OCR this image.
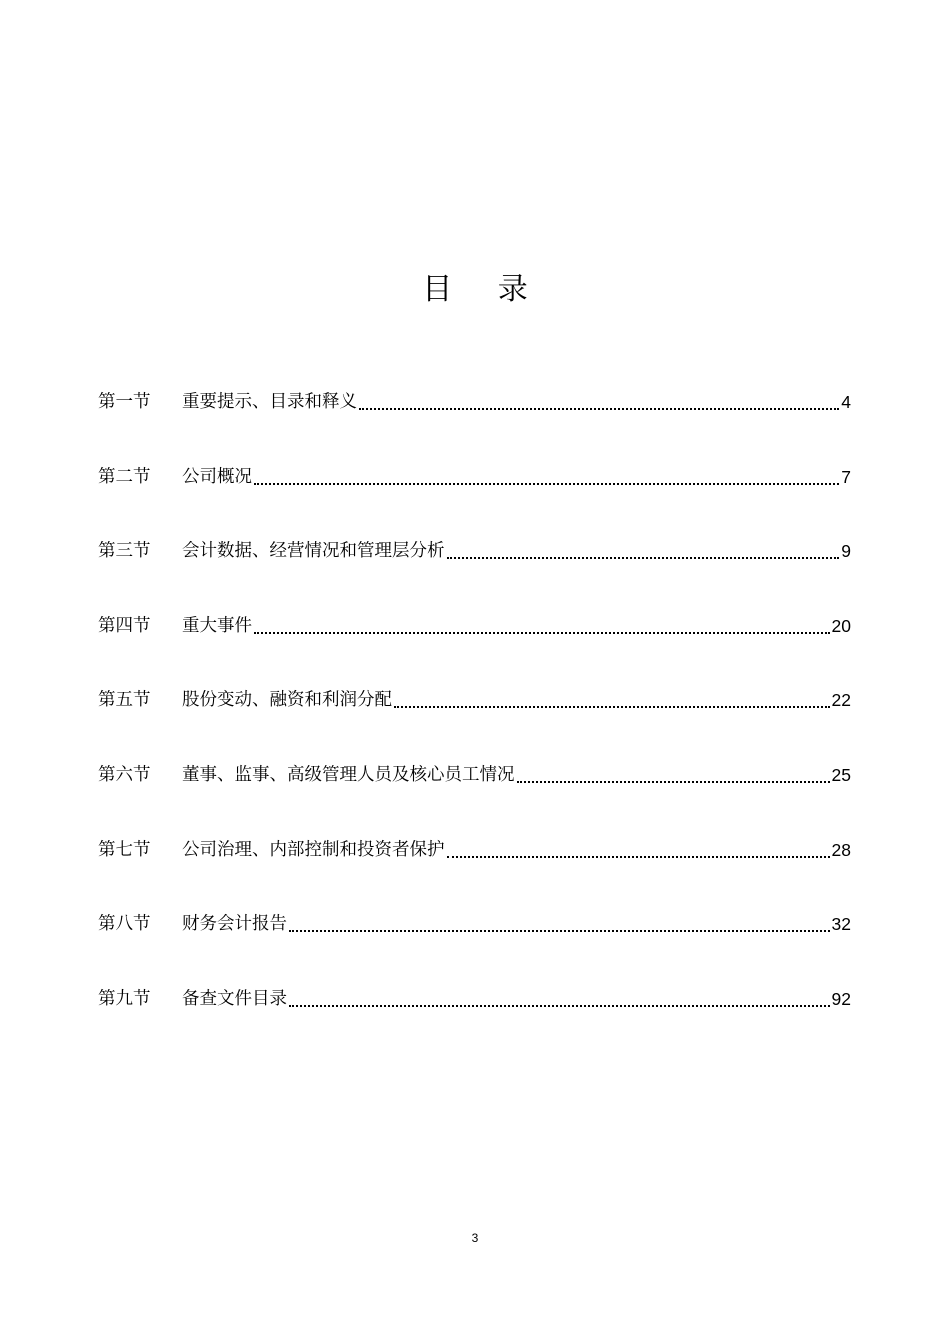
目 录
第一节	重要提示、目录和释义	4
第二节	公司概况	7
第三节	会计数据、经营情况和管理层分析	9
第四节	重大事件	20
第五节	股份变动、融资和利润分配	22
第六节	董事、监事、高级管理人员及核心员工情况	25
第七节	公司治理、内部控制和投资者保护	28
第八节	财务会计报告	32
第九节	备查文件目录	92
3
